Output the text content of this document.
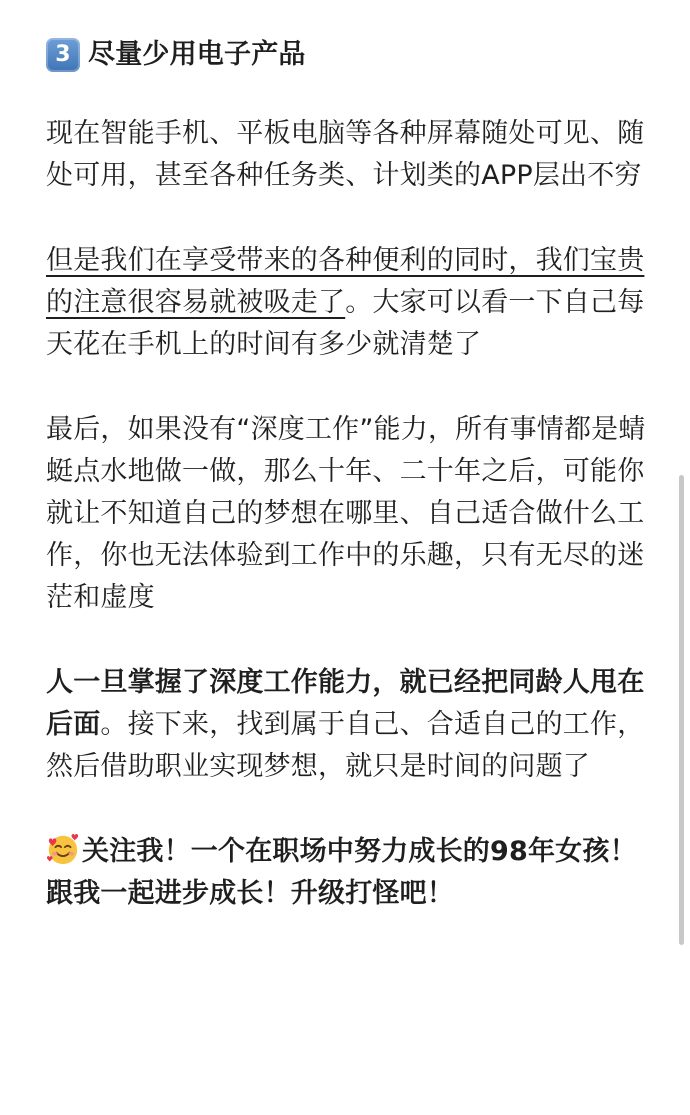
3 尽量少用电子产品

现在智能手机、平板电脑等各种屏幕随处可见、随处可用，甚至各种任务类、计划类的APP层出不穷

但是我们在享受带来的各种便利的同时，我们宝贵的注意很容易就被吸走了。大家可以看一下自己每天花在手机上的时间有多少就清楚了

最后，如果没有“深度工作”能力，所有事情都是蜻蜓点水地做一做，那么十年、二十年之后，可能你就让不知道自己的梦想在哪里、自己适合做什么工作，你也无法体验到工作中的乐趣，只有无尽的迷茫和虚度

人一旦掌握了深度工作能力，就已经把同龄人甩在后面。接下来，找到属于自己、合适自己的工作，然后借助职业实现梦想，就只是时间的问题了

关注我！一个在职场中努力成长的98年女孩！跟我一起进步成长！升级打怪吧！
